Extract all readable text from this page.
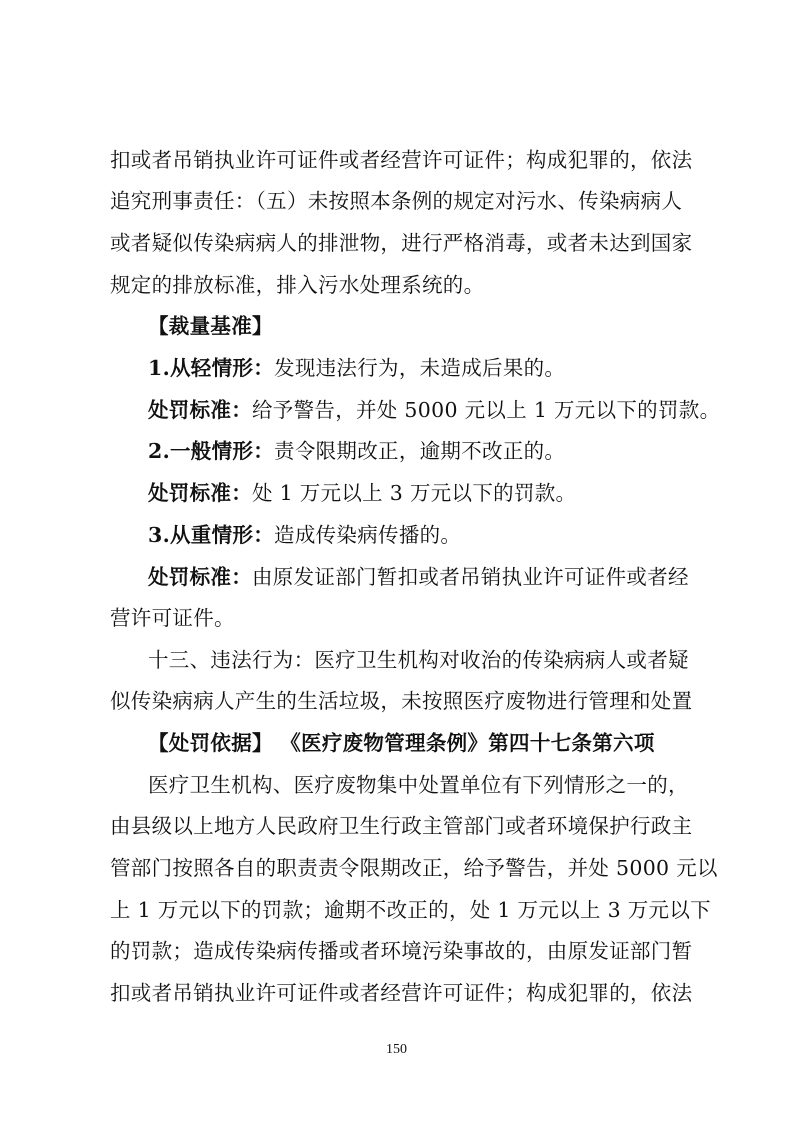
扣或者吊销执业许可证件或者经营许可证件；构成犯罪的，依法
追究刑事责任：（五）未按照本条例的规定对污水、传染病病人
或者疑似传染病病人的排泄物，进行严格消毒，或者未达到国家
规定的排放标准，排入污水处理系统的。
【裁量基准】
1.从轻情形：发现违法行为，未造成后果的。
处罚标准：给予警告，并处 5000 元以上 1 万元以下的罚款。
2.一般情形：责令限期改正，逾期不改正的。
处罚标准：处 1 万元以上 3 万元以下的罚款。
3.从重情形：造成传染病传播的。
处罚标准：由原发证部门暂扣或者吊销执业许可证件或者经
营许可证件。
十三、违法行为：医疗卫生机构对收治的传染病病人或者疑
似传染病病人产生的生活垃圾，未按照医疗废物进行管理和处置
【处罚依据】 《医疗废物管理条例》第四十七条第六项
医疗卫生机构、医疗废物集中处置单位有下列情形之一的，
由县级以上地方人民政府卫生行政主管部门或者环境保护行政主
管部门按照各自的职责责令限期改正，给予警告，并处 5000 元以
上 1 万元以下的罚款；逾期不改正的，处 1 万元以上 3 万元以下
的罚款；造成传染病传播或者环境污染事故的，由原发证部门暂
扣或者吊销执业许可证件或者经营许可证件；构成犯罪的，依法
150
